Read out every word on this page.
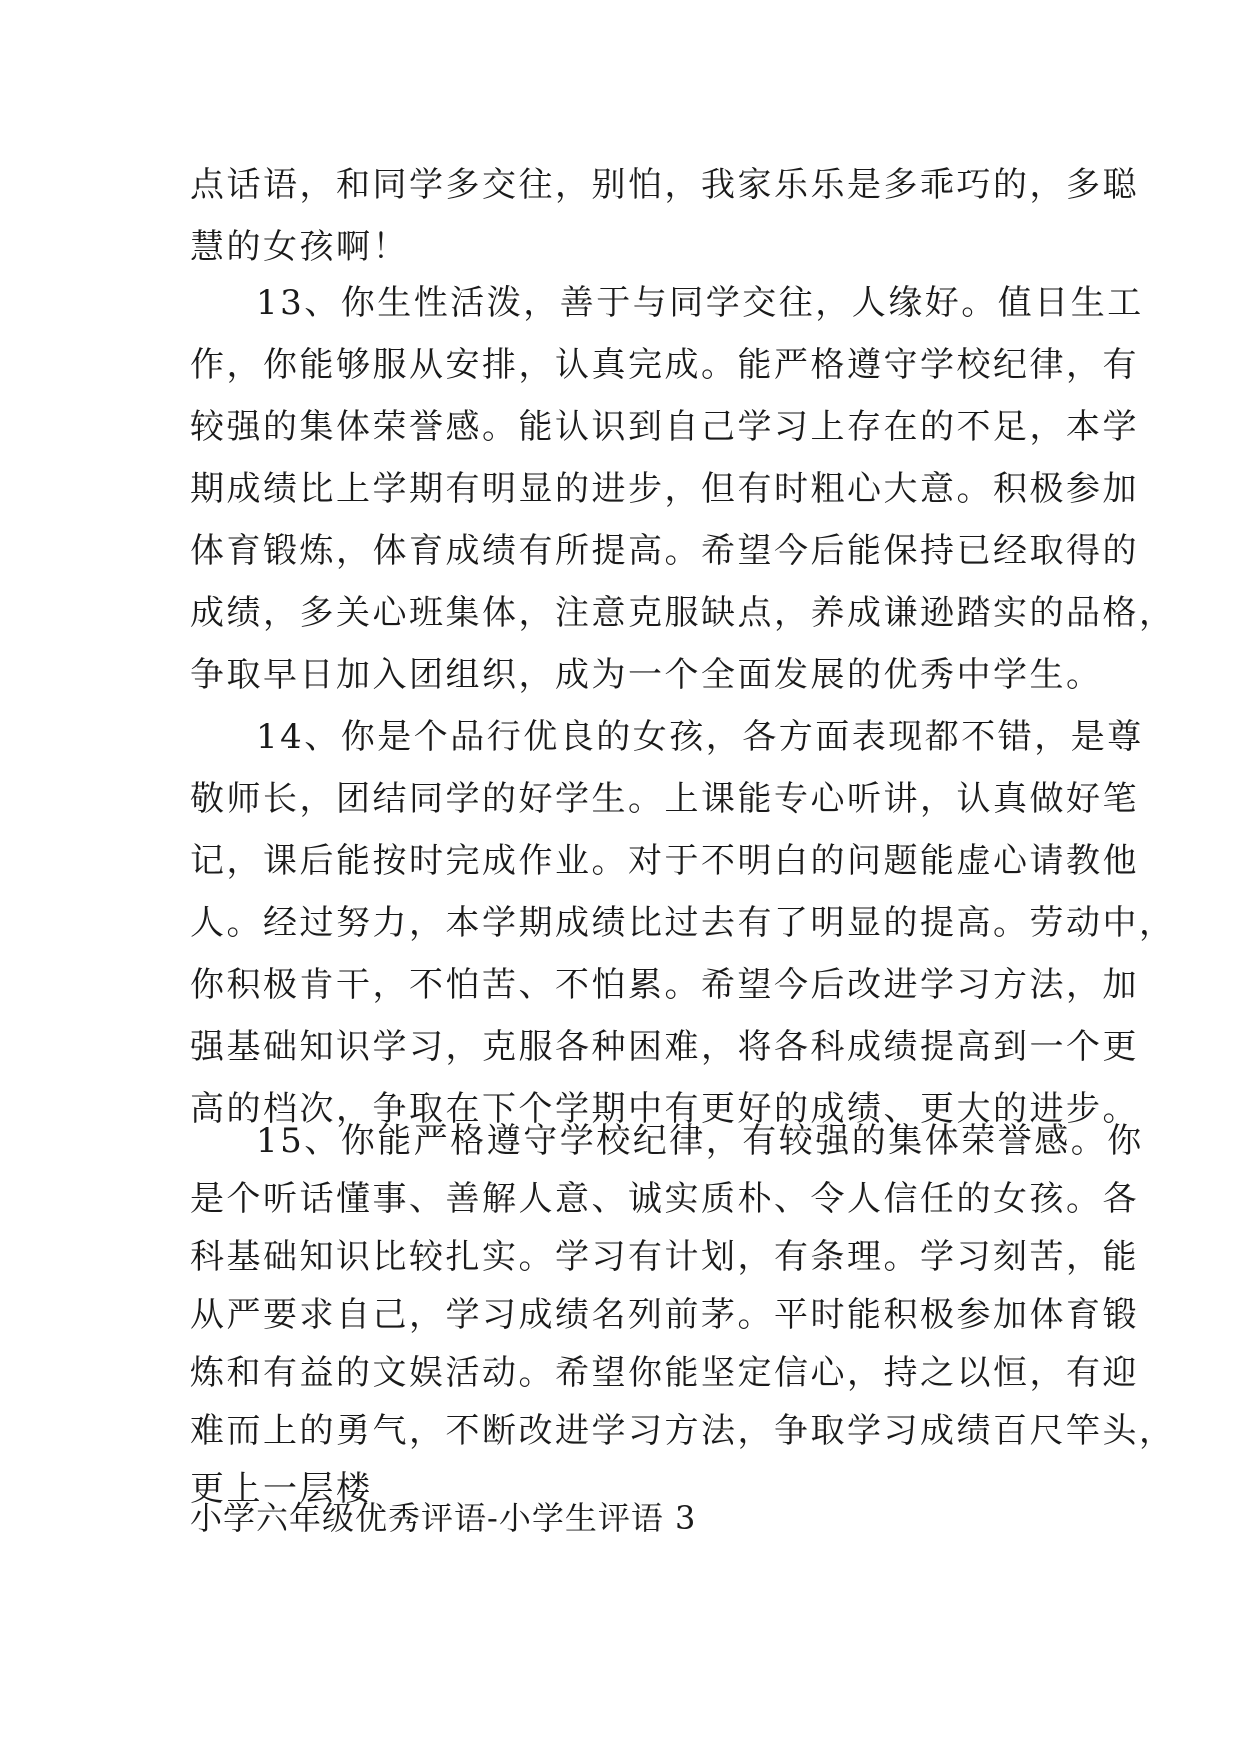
点话语，和同学多交往，别怕，我家乐乐是多乖巧的，多聪
慧的女孩啊！
13、你生性活泼，善于与同学交往，人缘好。值日生工
作，你能够服从安排，认真完成。能严格遵守学校纪律，有
较强的集体荣誉感。能认识到自己学习上存在的不足，本学
期成绩比上学期有明显的进步，但有时粗心大意。积极参加
体育锻炼，体育成绩有所提高。希望今后能保持已经取得的
成绩，多关心班集体，注意克服缺点，养成谦逊踏实的品格，
争取早日加入团组织，成为一个全面发展的优秀中学生。
14、你是个品行优良的女孩，各方面表现都不错，是尊
敬师长，团结同学的好学生。上课能专心听讲，认真做好笔
记，课后能按时完成作业。对于不明白的问题能虚心请教他
人。经过努力，本学期成绩比过去有了明显的提高。劳动中，
你积极肯干，不怕苦、不怕累。希望今后改进学习方法，加
强基础知识学习，克服各种困难，将各科成绩提高到一个更
高的档次，争取在下个学期中有更好的成绩、更大的进步。
15、你能严格遵守学校纪律，有较强的集体荣誉感。你
是个听话懂事、善解人意、诚实质朴、令人信任的女孩。各
科基础知识比较扎实。学习有计划，有条理。学习刻苦，能
从严要求自己，学习成绩名列前茅。平时能积极参加体育锻
炼和有益的文娱活动。希望你能坚定信心，持之以恒，有迎
难而上的勇气，不断改进学习方法，争取学习成绩百尺竿头，
更上一层楼
小学六年级优秀评语-小学生评语 3
